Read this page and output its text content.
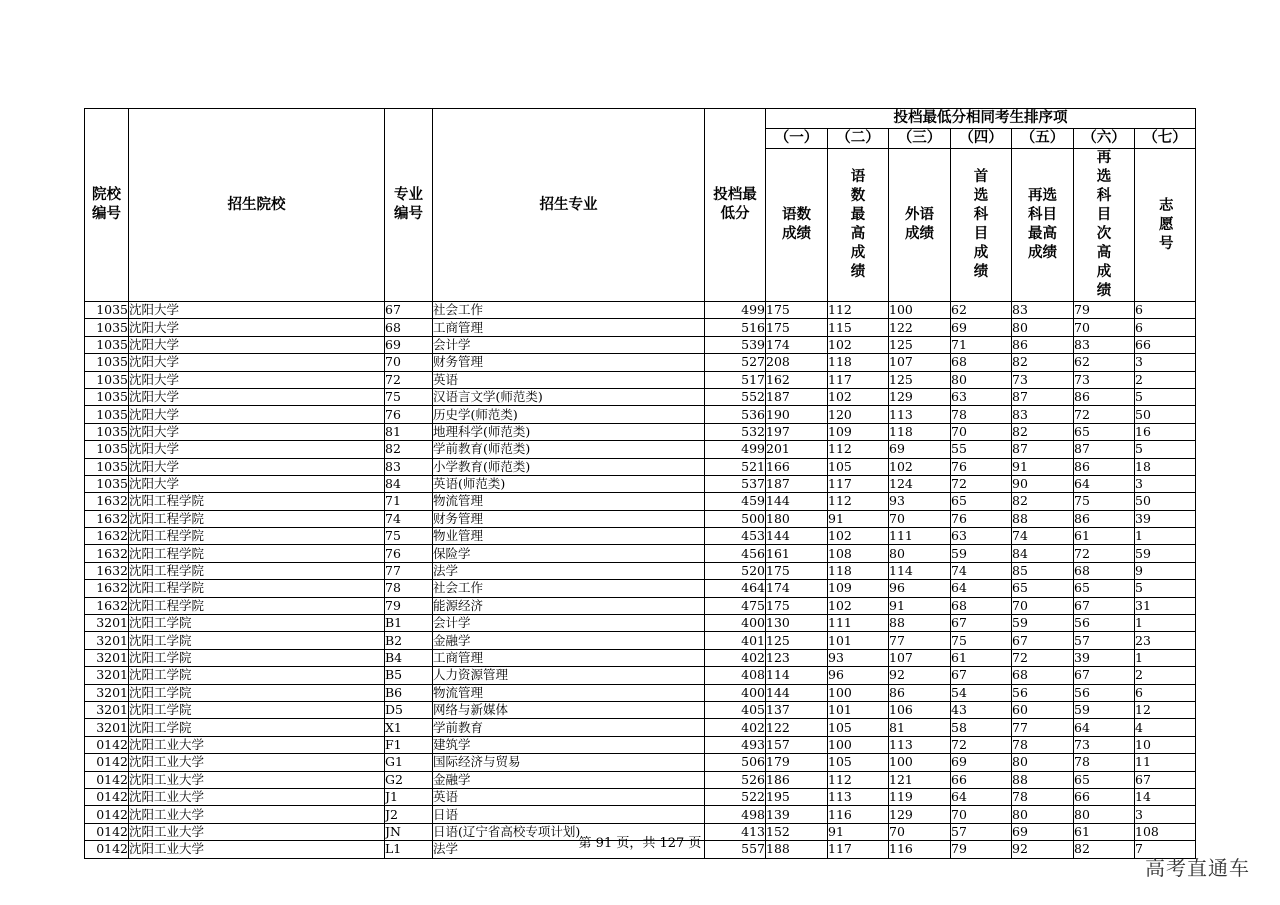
院校编号	招生院校	专业编号	招生专业	投档最低分	投档最低分相同考生排序项						
					（一）	（二）	（三）	（四）	（五）	（六）	（七）
					语数成绩	语数最高成绩	外语成绩	首选科目成绩	再选科目最高成绩	再选科目次高成绩	志愿号
1035	沈阳大学	67	社会工作	499	175	112	100	62	83	79	6
1035	沈阳大学	68	工商管理	516	175	115	122	69	80	70	6
1035	沈阳大学	69	会计学	539	174	102	125	71	86	83	66
1035	沈阳大学	70	财务管理	527	208	118	107	68	82	62	3
1035	沈阳大学	72	英语	517	162	117	125	80	73	73	2
1035	沈阳大学	75	汉语言文学(师范类)	552	187	102	129	63	87	86	5
1035	沈阳大学	76	历史学(师范类)	536	190	120	113	78	83	72	50
1035	沈阳大学	81	地理科学(师范类)	532	197	109	118	70	82	65	16
1035	沈阳大学	82	学前教育(师范类)	499	201	112	69	55	87	87	5
1035	沈阳大学	83	小学教育(师范类)	521	166	105	102	76	91	86	18
1035	沈阳大学	84	英语(师范类)	537	187	117	124	72	90	64	3
1632	沈阳工程学院	71	物流管理	459	144	112	93	65	82	75	50
1632	沈阳工程学院	74	财务管理	500	180	91	70	76	88	86	39
1632	沈阳工程学院	75	物业管理	453	144	102	111	63	74	61	1
1632	沈阳工程学院	76	保险学	456	161	108	80	59	84	72	59
1632	沈阳工程学院	77	法学	520	175	118	114	74	85	68	9
1632	沈阳工程学院	78	社会工作	464	174	109	96	64	65	65	5
1632	沈阳工程学院	79	能源经济	475	175	102	91	68	70	67	31
3201	沈阳工学院	B1	会计学	400	130	111	88	67	59	56	1
3201	沈阳工学院	B2	金融学	401	125	101	77	75	67	57	23
3201	沈阳工学院	B4	工商管理	402	123	93	107	61	72	39	1
3201	沈阳工学院	B5	人力资源管理	408	114	96	92	67	68	67	2
3201	沈阳工学院	B6	物流管理	400	144	100	86	54	56	56	6
3201	沈阳工学院	D5	网络与新媒体	405	137	101	106	43	60	59	12
3201	沈阳工学院	X1	学前教育	402	122	105	81	58	77	64	4
0142	沈阳工业大学	F1	建筑学	493	157	100	113	72	78	73	10
0142	沈阳工业大学	G1	国际经济与贸易	506	179	105	100	69	80	78	11
0142	沈阳工业大学	G2	金融学	526	186	112	121	66	88	65	67
0142	沈阳工业大学	J1	英语	522	195	113	119	64	78	66	14
0142	沈阳工业大学	J2	日语	498	139	116	129	70	80	80	3
0142	沈阳工业大学	JN	日语(辽宁省高校专项计划)	413	152	91	70	57	69	61	108
0142	沈阳工业大学	L1	法学	557	188	117	116	79	92	82	7
第 91 页，共 127 页
高考直通车
